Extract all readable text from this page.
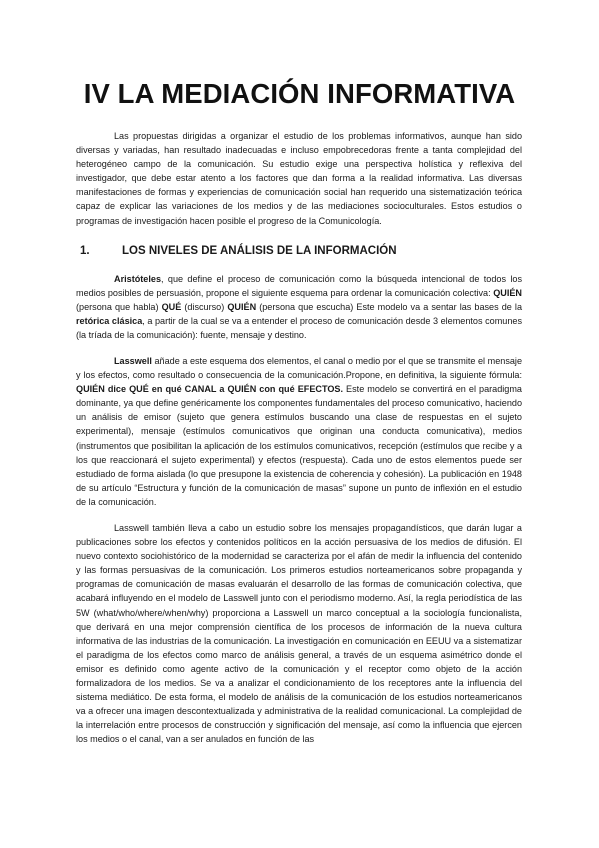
IV LA MEDIACIÓN INFORMATIVA

Las propuestas dirigidas a organizar el estudio de los problemas informativos, aunque han sido diversas y variadas, han resultado inadecuadas e incluso empobrecedoras frente a tanta complejidad del heterogéneo campo de la comunicación. Su estudio exige una perspectiva holística y reflexiva del investigador, que debe estar atento a los factores que dan forma a la realidad informativa. Las diversas manifestaciones de formas y experiencias de comunicación social han requerido una sistematización teórica capaz de explicar las variaciones de los medios y de las mediaciones socioculturales. Estos estudios o programas de investigación hacen posible el progreso de la Comunicología.

1.	LOS NIVELES DE ANÁLISIS DE LA INFORMACIÓN

Aristóteles, que define el proceso de comunicación como la búsqueda intencional de todos los medios posibles de persuasión, propone el siguiente esquema para ordenar la comunicación colectiva: QUIÉN (persona que habla) QUÉ (discurso) QUIÉN (persona que escucha) Este modelo va a sentar las bases de la retórica clásica, a partir de la cual se va a entender el proceso de comunicación desde 3 elementos comunes (la tríada de la comunicación): fuente, mensaje y destino.

Lasswell añade a este esquema dos elementos, el canal o medio por el que se transmite el mensaje y los efectos, como resultado o consecuencia de la comunicación.Propone, en definitiva, la siguiente fórmula: QUIÉN dice QUÉ en qué CANAL a QUIÉN con qué EFECTOS. Este modelo se convertirá en el paradigma dominante, ya que define genéricamente los componentes fundamentales del proceso comunicativo, haciendo un análisis de emisor (sujeto que genera estímulos buscando una clase de respuestas en el sujeto experimental), mensaje (estímulos comunicativos que originan una conducta comunicativa), medios (instrumentos que posibilitan la aplicación de los estímulos comunicativos, recepción (estímulos que recibe y a los que reaccionará el sujeto experimental) y efectos (respuesta). Cada uno de estos elementos puede ser estudiado de forma aislada (lo que presupone la existencia de coherencia y cohesión). La publicación en 1948 de su artículo “Estructura y función de la comunicación de masas” supone un punto de inflexión en el estudio de la comunicación.

Lasswell también lleva a cabo un estudio sobre los mensajes propagandísticos, que darán lugar a publicaciones sobre los efectos y contenidos políticos en la acción persuasiva de los medios de difusión. El nuevo contexto sociohistórico de la modernidad se caracteriza por el afán de medir la influencia del contenido y las formas persuasivas de la comunicación. Los primeros estudios norteamericanos sobre propaganda y programas de comunicación de masas evaluarán el desarrollo de las formas de comunicación colectiva, que acabará influyendo en el modelo de Lasswell junto con el periodismo moderno. Así, la regla periodística de las 5W (what/who/where/when/why) proporciona a Lasswell un marco conceptual a la sociología funcionalista, que derivará en una mejor comprensión científica de los procesos de información de la nueva cultura informativa de las industrias de la comunicación. La investigación en comunicación en EEUU va a sistematizar el paradigma de los efectos como marco de análisis general, a través de un esquema asimétrico donde el emisor es definido como agente activo de la comunicación y el receptor como objeto de la acción formalizadora de los medios. Se va a analizar el condicionamiento de los receptores ante la influencia del sistema mediático. De esta forma, el modelo de análisis de la comunicación de los estudios norteamericanos va a ofrecer una imagen descontextualizada y administrativa de la realidad comunicacional. La complejidad de la interrelación entre procesos de construcción y significación del mensaje, así como la influencia que ejercen los medios o el canal, van a ser anulados en función de las
